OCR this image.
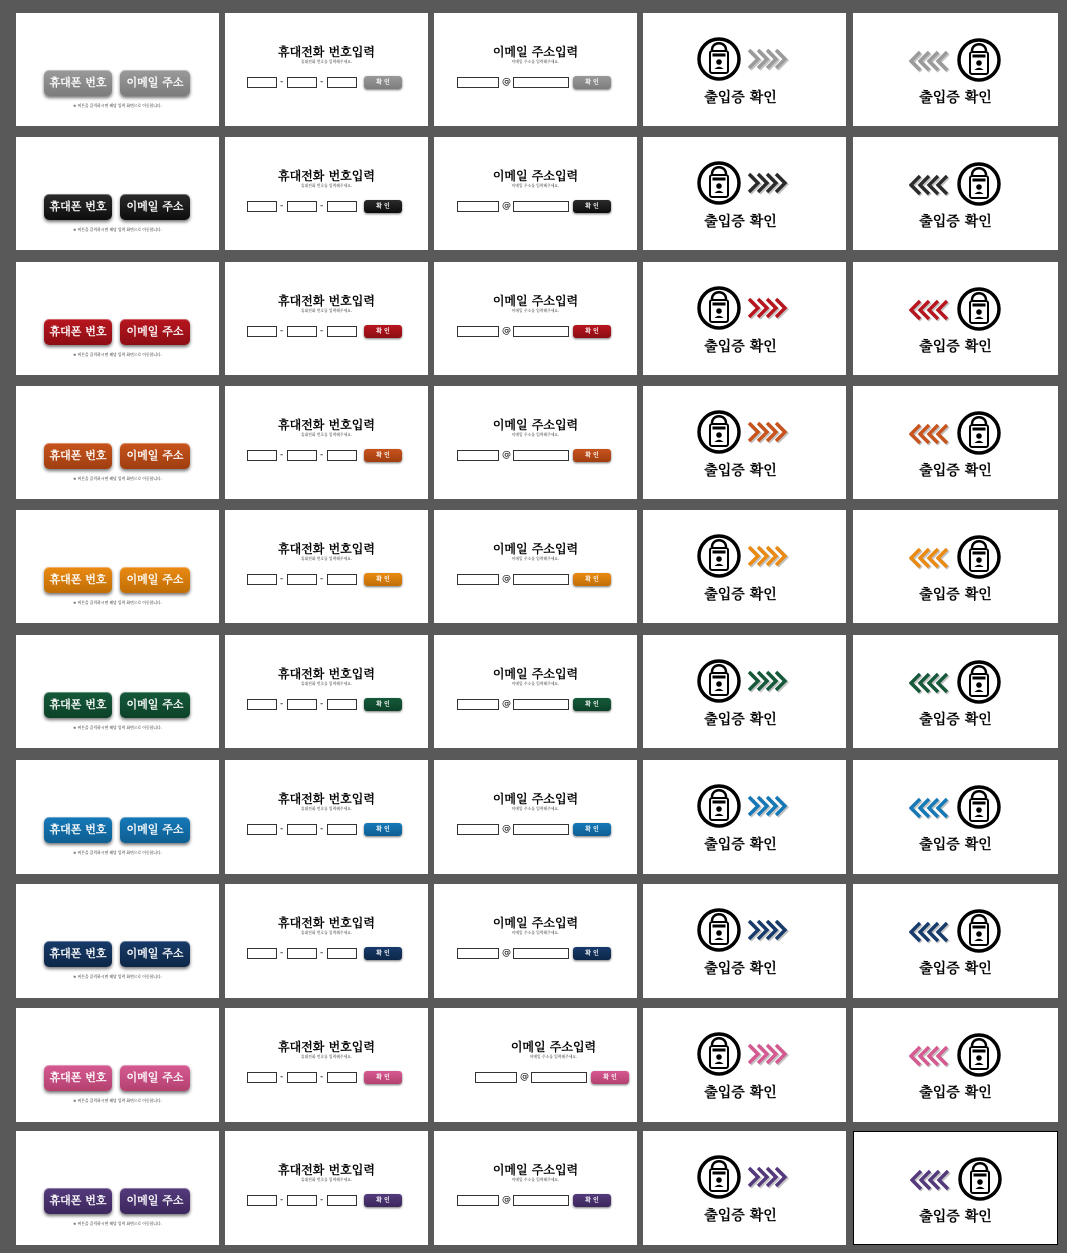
휴대폰 번호	이메일 주소
※ 버튼을 클릭하시면 해당 입력 화면으로 이동합니다.
휴대전화 번호입력
휴대전화 번호를 입력해주세요.
-	-	확 인
이메일 주소입력
이메일 주소를 입력해주세요.
@	확 인
출입증 확인	출입증 확인
휴대폰 번호	이메일 주소
※ 버튼을 클릭하시면 해당 입력 화면으로 이동합니다.
휴대전화 번호입력
휴대전화 번호를 입력해주세요.
-	-	확 인
이메일 주소입력
이메일 주소를 입력해주세요.
@	확 인
출입증 확인	출입증 확인
휴대폰 번호	이메일 주소
※ 버튼을 클릭하시면 해당 입력 화면으로 이동합니다.
휴대전화 번호입력
휴대전화 번호를 입력해주세요.
-	-	확 인
이메일 주소입력
이메일 주소를 입력해주세요.
@	확 인
출입증 확인	출입증 확인
휴대폰 번호	이메일 주소
※ 버튼을 클릭하시면 해당 입력 화면으로 이동합니다.
휴대전화 번호입력
휴대전화 번호를 입력해주세요.
-	-	확 인
이메일 주소입력
이메일 주소를 입력해주세요.
@	확 인
출입증 확인	출입증 확인
휴대폰 번호	이메일 주소
※ 버튼을 클릭하시면 해당 입력 화면으로 이동합니다.
휴대전화 번호입력
휴대전화 번호를 입력해주세요.
-	-	확 인
이메일 주소입력
이메일 주소를 입력해주세요.
@	확 인
출입증 확인	출입증 확인
휴대폰 번호	이메일 주소
※ 버튼을 클릭하시면 해당 입력 화면으로 이동합니다.
휴대전화 번호입력
휴대전화 번호를 입력해주세요.
-	-	확 인
이메일 주소입력
이메일 주소를 입력해주세요.
@	확 인
출입증 확인	출입증 확인
휴대폰 번호	이메일 주소
※ 버튼을 클릭하시면 해당 입력 화면으로 이동합니다.
휴대전화 번호입력
휴대전화 번호를 입력해주세요.
-	-	확 인
이메일 주소입력
이메일 주소를 입력해주세요.
@	확 인
출입증 확인	출입증 확인
휴대폰 번호	이메일 주소
※ 버튼을 클릭하시면 해당 입력 화면으로 이동합니다.
휴대전화 번호입력
휴대전화 번호를 입력해주세요.
-	-	확 인
이메일 주소입력
이메일 주소를 입력해주세요.
@	확 인
출입증 확인	출입증 확인
휴대폰 번호	이메일 주소
※ 버튼을 클릭하시면 해당 입력 화면으로 이동합니다.
휴대전화 번호입력
휴대전화 번호를 입력해주세요.
-	-	확 인
이메일 주소입력
이메일 주소를 입력해주세요.
@	확 인
출입증 확인	출입증 확인
휴대폰 번호	이메일 주소
※ 버튼을 클릭하시면 해당 입력 화면으로 이동합니다.
휴대전화 번호입력
휴대전화 번호를 입력해주세요.
-	-	확 인
이메일 주소입력
이메일 주소를 입력해주세요.
@	확 인
출입증 확인	출입증 확인
